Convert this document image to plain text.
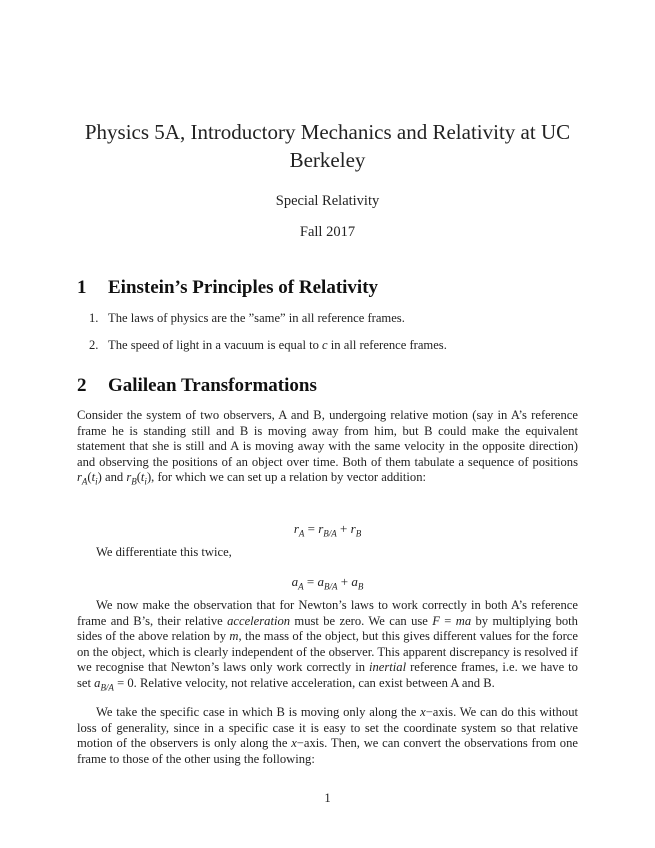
Physics 5A, Introductory Mechanics and Relativity at UC Berkeley
Special Relativity
Fall 2017
1 Einstein’s Principles of Relativity
1. The laws of physics are the ”same” in all reference frames.
2. The speed of light in a vacuum is equal to c in all reference frames.
2 Galilean Transformations
Consider the system of two observers, A and B, undergoing relative motion (say in A’s reference frame he is standing still and B is moving away from him, but B could make the equivalent statement that she is still and A is moving away with the same velocity in the opposite direction) and observing the positions of an object over time. Both of them tabulate a sequence of positions $r_A(t_i)$ and $r_B(t_i)$, for which we can set up a relation by vector addition:
$r_A = r_{B/A} + r_B$
We differentiate this twice,
$a_A = a_{B/A} + a_B$
We now make the observation that for Newton’s laws to work correctly in both A’s reference frame and B’s, their relative acceleration must be zero. We can use F = ma by multiplying both sides of the above relation by m, the mass of the object, but this gives different values for the force on the object, which is clearly independent of the observer. This apparent discrepancy is resolved if we recognise that Newton’s laws only work correctly in inertial reference frames, i.e. we have to set $a_{B/A} = 0$. Relative velocity, not relative acceleration, can exist between A and B.
We take the specific case in which B is moving only along the x−axis. We can do this without loss of generality, since in a specific case it is easy to set the coordinate system so that relative motion of the observers is only along the x−axis. Then, we can convert the observations from one frame to those of the other using the following:
1
